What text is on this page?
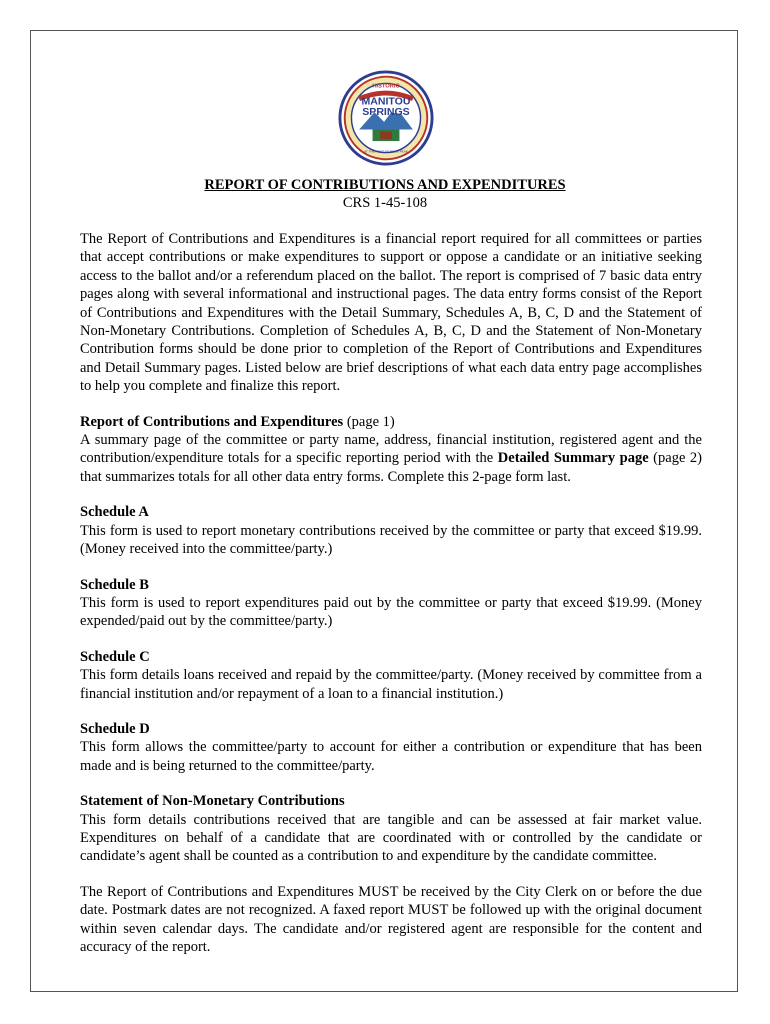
HISTORIC
MANITOU
SPRINGS
AT THE FOOT OF PIKES PEAK
REPORT OF CONTRIBUTIONS AND EXPENDITURES
CRS 1-45-108

The Report of Contributions and Expenditures is a financial report required for all committees or parties that accept contributions or make expenditures to support or oppose a candidate or an initiative seeking access to the ballot and/or a referendum placed on the ballot. The report is comprised of 7 basic data entry pages along with several informational and instructional pages. The data entry forms consist of the Report of Contributions and Expenditures with the Detail Summary, Schedules A, B, C, D and the Statement of Non-Monetary Contributions. Completion of Schedules A, B, C, D and the Statement of Non-Monetary Contribution forms should be done prior to completion of the Report of Contributions and Expenditures and Detail Summary pages. Listed below are brief descriptions of what each data entry page accomplishes to help you complete and finalize this report.

Report of Contributions and Expenditures (page 1)
A summary page of the committee or party name, address, financial institution, registered agent and the contribution/expenditure totals for a specific reporting period with the Detailed Summary page (page 2) that summarizes totals for all other data entry forms. Complete this 2-page form last.

Schedule A
This form is used to report monetary contributions received by the committee or party that exceed $19.99. (Money received into the committee/party.)

Schedule B
This form is used to report expenditures paid out by the committee or party that exceed $19.99. (Money expended/paid out by the committee/party.)

Schedule C
This form details loans received and repaid by the committee/party. (Money received by committee from a financial institution and/or repayment of a loan to a financial institution.)

Schedule D
This form allows the committee/party to account for either a contribution or expenditure that has been made and is being returned to the committee/party.

Statement of Non-Monetary Contributions
This form details contributions received that are tangible and can be assessed at fair market value. Expenditures on behalf of a candidate that are coordinated with or controlled by the candidate or candidate’s agent shall be counted as a contribution to and expenditure by the candidate committee.

The Report of Contributions and Expenditures MUST be received by the City Clerk on or before the due date. Postmark dates are not recognized. A faxed report MUST be followed up with the original document within seven calendar days. The candidate and/or registered agent are responsible for the content and accuracy of the report.
